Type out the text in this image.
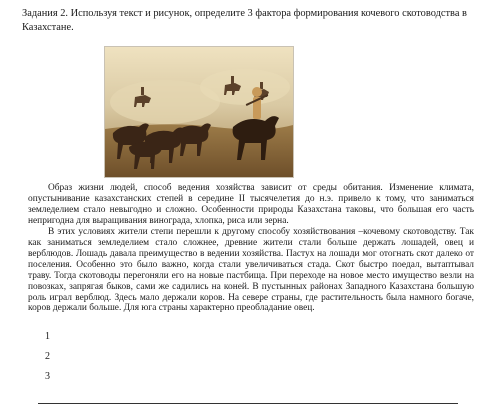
Задания 2. Используя текст и рисунок, определите 3 фактора формирования кочевого скотоводства в Казахстане.

Образ жизни людей, способ ведения хозяйства зависит от среды обитания. Изменение климата, опустынивание казахстанских степей в середине II тысячелетия до н.э. привело к тому, что заниматься земледелием стало невыгодно и сложно. Особенности природы Казахстана таковы, что большая его часть непригодна для выращивания винограда, хлопка, риса или зерна.

В этих условиях жители степи перешли к другому способу хозяйствования –кочевому скотоводству. Так как заниматься земледелием стало сложнее, древние жители стали больше держать лошадей, овец и верблюдов. Лошадь давала преимущество в ведении хозяйства. Пастух на лошади мог отогнать скот далеко от поселения. Особенно это было важно, когда стали увеличиваться стада. Скот быстро поедал, вытаптывал траву. Тогда скотоводы перегоняли его на новые пастбища. При переходе на новое место имущество везли на повозках, запрягая быков, сами же садились на коней. В пустынных районах Западного Казахстана большую роль играл верблюд. Здесь мало держали коров. На севере страны, где растительность была намного богаче, коров держали больше. Для юга страны характерно преобладание овец.

1
2
3
